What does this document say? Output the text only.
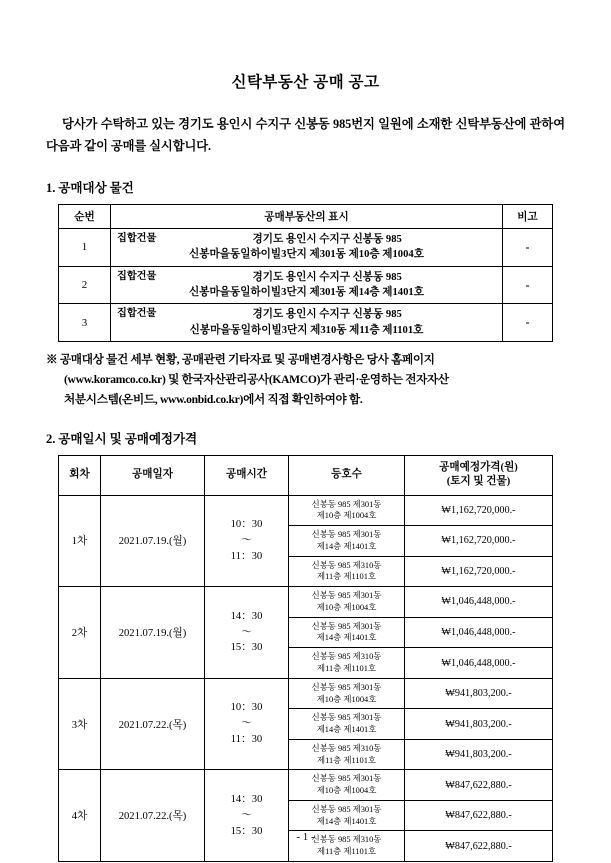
신탁부동산 공매 공고

당사가 수탁하고 있는 경기도 용인시 수지구 신봉동 985번지 일원에 소재한 신탁부동산에 관하여 다음과 같이 공매를 실시합니다.

1. 공매대상 물건
순번	공매부동산의 표시	비고
1	집합건물 경기도 용인시 수지구 신봉동 985
신봉마을동일하이빌3단지 제301동 제10층 제1004호	-
2	집합건물 경기도 용인시 수지구 신봉동 985
신봉마을동일하이빌3단지 제301동 제14층 제1401호	-
3	집합건물 경기도 용인시 수지구 신봉동 985
신봉마을동일하이빌3단지 제310동 제11층 제1101호	-
※ 공매대상 물건 세부 현황, 공매관련 기타자료 및 공매변경사항은 당사 홈페이지
(www.koramco.co.kr) 및 한국자산관리공사(KAMCO)가 관리·운영하는 전자자산
처분시스템(온비드, www.onbid.co.kr)에서 직접 확인하여야 함.
2. 공매일시 및 공매예정가격
회차	공매일자	공매시간	등호수	공매예정가격(원)
(토지 및 건물)

1차	2021.07.19.(월)	10：30
～
11：30	신봉동 985 제301동
제10층 제1004호	₩1,162,720,000.-

			신봉동 985 제301동
제14층 제1401호	₩1,162,720,000.-

			신봉동 985 제310동
제11층 제1101호	₩1,162,720,000.-
2차	2021.07.19.(월)	14：30
～
15：30	신봉동 985 제301동
제10층 제1004호	₩1,046,448,000.-

			신봉동 985 제301동
제14층 제1401호	₩1,046,448,000.-

			신봉동 985 제310동
제11층 제1101호	₩1,046,448,000.-
3차	2021.07.22.(목)	10：30
～
11：30	신봉동 985 제301동
제10층 제1004호	₩941,803,200.-

			신봉동 985 제301동
제14층 제1401호	₩941,803,200.-

			신봉동 985 제310동
제11층 제1101호	₩941,803,200.-
4차	2021.07.22.(목)	14：30
～
15：30	신봉동 985 제301동
제10층 제1004호	₩847,622,880.-

			신봉동 985 제301동
제14층 제1401호	₩847,622,880.-

			신봉동 985 제310동
제11층 제1101호	₩847,622,880.-
- 1 -
